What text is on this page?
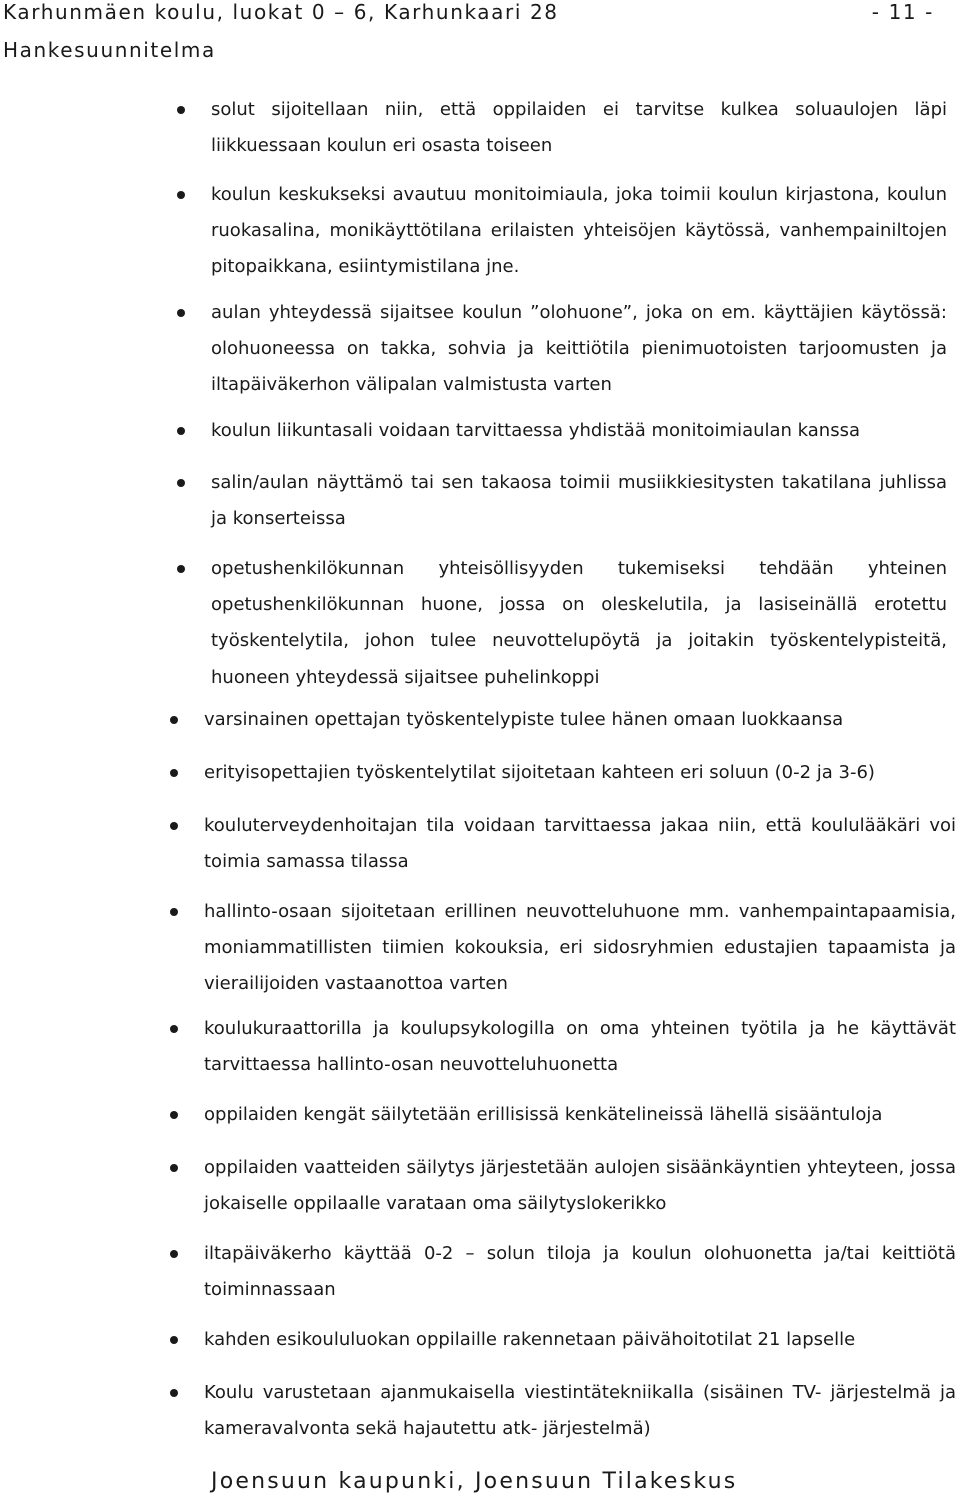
Karhunmäen koulu, luokat 0 – 6, Karhunkaari 28	- 11 -
Hankesuunnitelma

solut sijoitellaan niin, että oppilaiden ei tarvitse kulkea soluaulojen läpi liikkuessaan koulun eri osasta toiseen

koulun keskukseksi avautuu monitoimiaula, joka toimii koulun kirjastona, koulun ruokasalina, monikäyttötilana erilaisten yhteisöjen käytössä, vanhempainiltojen pitopaikkana, esiintymistilana jne.

aulan yhteydessä sijaitsee koulun ”olohuone”, joka on em. käyttäjien käytössä: olohuoneessa on takka, sohvia ja keittiötila pienimuotoisten tarjoomusten ja iltapäiväkerhon välipalan valmistusta varten

koulun liikuntasali voidaan tarvittaessa yhdistää monitoimiaulan kanssa

salin/aulan näyttämö tai sen takaosa toimii musiikkiesitysten takatilana juhlissa ja konserteissa

opetushenkilökunnan yhteisöllisyyden tukemiseksi tehdään yhteinen opetushenkilökunnan huone, jossa on oleskelutila, ja lasiseinällä erotettu työskentelytila, johon tulee neuvottelupöytä ja joitakin työskentelypisteitä, huoneen yhteydessä sijaitsee puhelinkoppi

varsinainen opettajan työskentelypiste tulee hänen omaan luokkaansa

erityisopettajien työskentelytilat sijoitetaan kahteen eri soluun (0-2 ja 3-6)

kouluterveydenhoitajan tila voidaan tarvittaessa jakaa niin, että koululääkäri voi toimia samassa tilassa

hallinto-osaan sijoitetaan erillinen neuvotteluhuone mm. vanhempaintapaamisia, moniammatillisten tiimien kokouksia, eri sidosryhmien edustajien tapaamista ja vierailijoiden vastaanottoa varten

koulukuraattorilla ja koulupsykologilla on oma yhteinen työtila ja he käyttävät tarvittaessa hallinto-osan neuvotteluhuonetta

oppilaiden kengät säilytetään erillisissä kenkätelineissä lähellä sisääntuloja

oppilaiden vaatteiden säilytys järjestetään aulojen sisäänkäyntien yhteyteen, jossa jokaiselle oppilaalle varataan oma säilytyslokerikko

iltapäiväkerho käyttää 0-2 – solun tiloja ja koulun olohuonetta ja/tai keittiötä toiminnassaan

kahden esikoululuokan oppilaille rakennetaan päivähoitotilat 21 lapselle

Koulu varustetaan ajanmukaisella viestintätekniikalla (sisäinen TV- järjestelmä ja kameravalvonta sekä hajautettu atk- järjestelmä)

Joensuun kaupunki, Joensuun Tilakeskus
